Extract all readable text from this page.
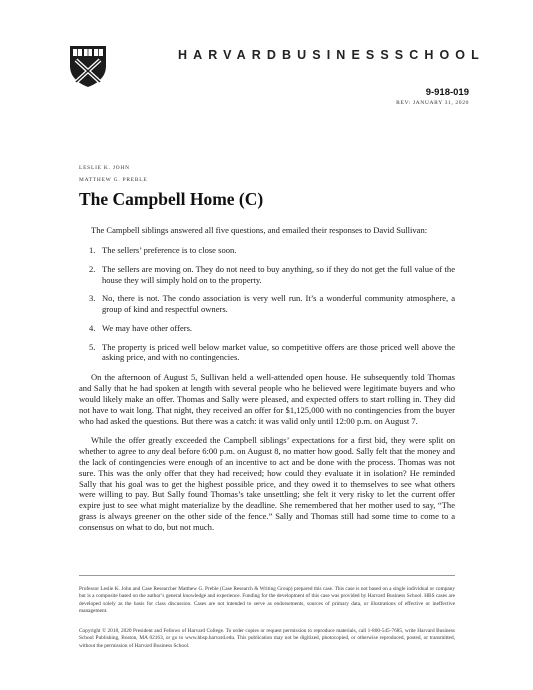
HARVARD BUSINESS SCHOOL
9-918-019
REV: JANUARY 31, 2020
LESLIE K. JOHN
MATTHEW G. PREBLE
The Campbell Home (C)

The Campbell siblings answered all five questions, and emailed their responses to David Sullivan:

1. The sellers’ preference is to close soon.
2. The sellers are moving on. They do not need to buy anything, so if they do not get the full value of the house they will simply hold on to the property.
3. No, there is not. The condo association is very well run. It’s a wonderful community atmosphere, a group of kind and respectful owners.
4. We may have other offers.
5. The property is priced well below market value, so competitive offers are those priced well above the asking price, and with no contingencies.

On the afternoon of August 5, Sullivan held a well-attended open house. He subsequently told Thomas and Sally that he had spoken at length with several people who he believed were legitimate buyers and who would likely make an offer. Thomas and Sally were pleased, and expected offers to start rolling in. They did not have to wait long. That night, they received an offer for $1,125,000 with no contingencies from the buyer who had asked the questions. But there was a catch: it was valid only until 12:00 p.m. on August 7.

While the offer greatly exceeded the Campbell siblings’ expectations for a first bid, they were split on whether to agree to any deal before 6:00 p.m. on August 8, no matter how good. Sally felt that the money and the lack of contingencies were enough of an incentive to act and be done with the process. Thomas was not sure. This was the only offer that they had received; how could they evaluate it in isolation? He reminded Sally that his goal was to get the highest possible price, and they owed it to themselves to see what others were willing to pay. But Sally found Thomas’s take unsettling; she felt it very risky to let the current offer expire just to see what might materialize by the deadline. She remembered that her mother used to say, “The grass is always greener on the other side of the fence.” Sally and Thomas still had some time to come to a consensus on what to do, but not much.

Professor Leslie K. John and Case Researcher Matthew G. Preble (Case Research & Writing Group) prepared this case. This case is not based on a single individual or company but is a composite based on the author’s general knowledge and experience. Funding for the development of this case was provided by Harvard Business School. HBS cases are developed solely as the basis for class discussion. Cases are not intended to serve as endorsements, sources of primary data, or illustrations of effective or ineffective management.

Copyright © 2018, 2020 President and Fellows of Harvard College. To order copies or request permission to reproduce materials, call 1-800-545-7685, write Harvard Business School Publishing, Boston, MA 02163, or go to www.hbsp.harvard.edu. This publication may not be digitized, photocopied, or otherwise reproduced, posted, or transmitted, without the permission of Harvard Business School.
